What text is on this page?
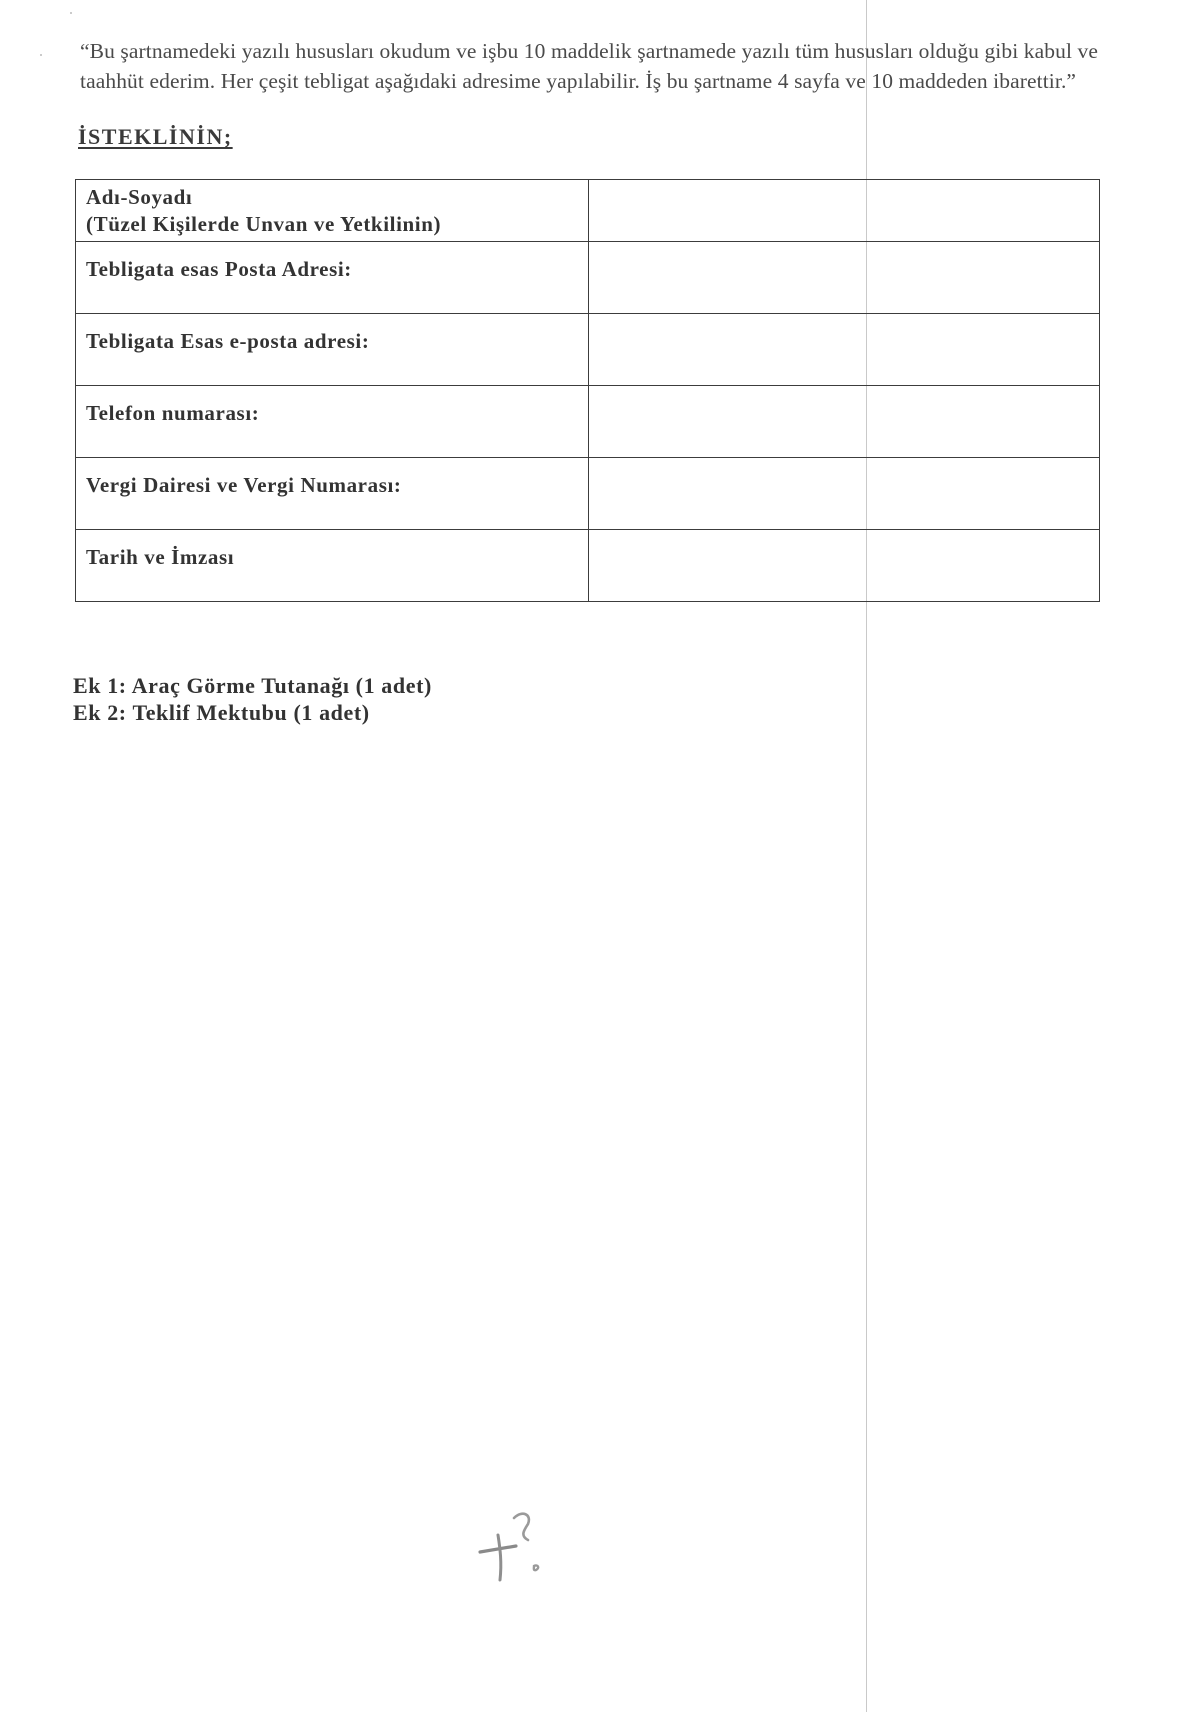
“Bu şartnamedeki yazılı hususları okudum ve işbu 10 maddelik şartnamede yazılı tüm hususları olduğu gibi kabul ve
taahhüt ederim. Her çeşit tebligat aşağıdaki adresime yapılabilir. İş bu şartname 4 sayfa ve 10 maddeden ibarettir.”
İSTEKLİNİN;
Adı-Soyadı
(Tüzel Kişilerde Unvan ve Yetkilinin)	

Tebligata esas Posta Adresi:	

Tebligata Esas e-posta adresi:	

Telefon numarası:	

Vergi Dairesi ve Vergi Numarası:	

Tarih ve İmzası	

Ek 1: Araç Görme Tutanağı (1 adet)
Ek 2: Teklif Mektubu (1 adet)
